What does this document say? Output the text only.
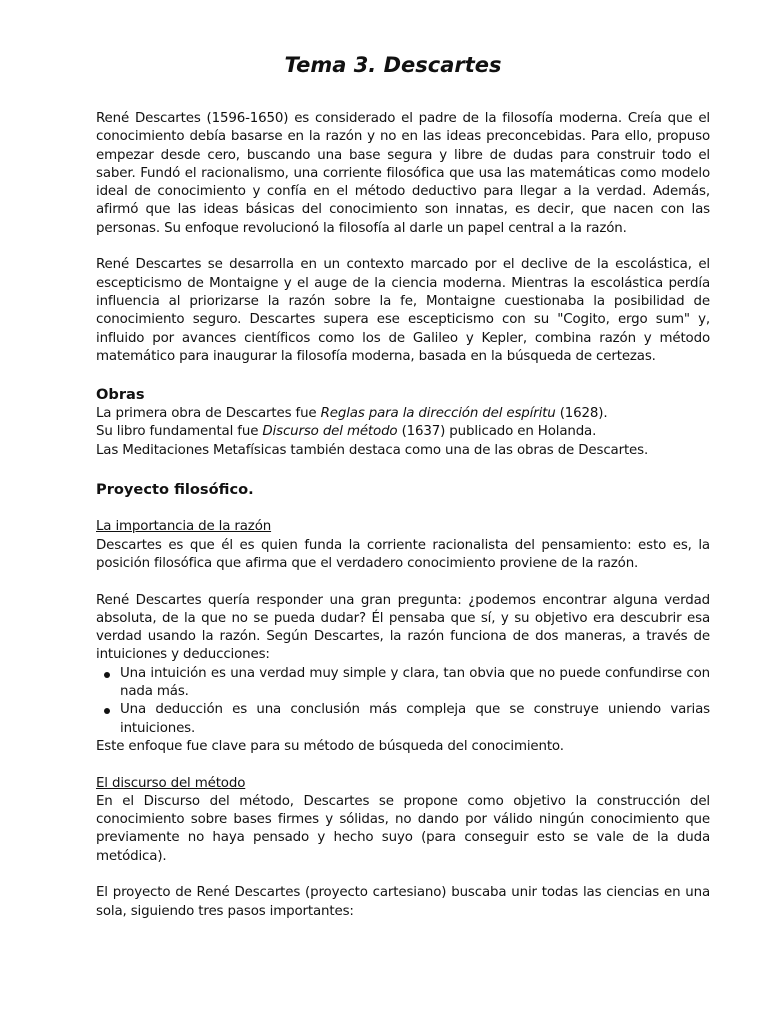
Tema 3. Descartes

René Descartes (1596-1650) es considerado el padre de la filosofía moderna. Creía que el conocimiento debía basarse en la razón y no en las ideas preconcebidas. Para ello, propuso empezar desde cero, buscando una base segura y libre de dudas para construir todo el saber. Fundó el racionalismo, una corriente filosófica que usa las matemáticas como modelo ideal de conocimiento y confía en el método deductivo para llegar a la verdad. Además, afirmó que las ideas básicas del conocimiento son innatas, es decir, que nacen con las personas. Su enfoque revolucionó la filosofía al darle un papel central a la razón.

René Descartes se desarrolla en un contexto marcado por el declive de la escolástica, el escepticismo de Montaigne y el auge de la ciencia moderna. Mientras la escolástica perdía influencia al priorizarse la razón sobre la fe, Montaigne cuestionaba la posibilidad de conocimiento seguro. Descartes supera ese escepticismo con su "Cogito, ergo sum" y, influido por avances científicos como los de Galileo y Kepler, combina razón y método matemático para inaugurar la filosofía moderna, basada en la búsqueda de certezas.

Obras
La primera obra de Descartes fue Reglas para la dirección del espíritu (1628).
Su libro fundamental fue Discurso del método (1637) publicado en Holanda.
Las Meditaciones Metafísicas también destaca como una de las obras de Descartes.
Proyecto filosófico.
La importancia de la razón

Descartes es que él es quien funda la corriente racionalista del pensamiento: esto es, la posición filosófica que afirma que el verdadero conocimiento proviene de la razón.

René Descartes quería responder una gran pregunta: ¿podemos encontrar alguna verdad absoluta, de la que no se pueda dudar? Él pensaba que sí, y su objetivo era descubrir esa verdad usando la razón. Según Descartes, la razón funciona de dos maneras, a través de intuiciones y deducciones:

Una intuición es una verdad muy simple y clara, tan obvia que no puede confundirse con nada más.
Una deducción es una conclusión más compleja que se construye uniendo varias intuiciones.

Este enfoque fue clave para su método de búsqueda del conocimiento.

El discurso del método

En el Discurso del método, Descartes se propone como objetivo la construcción del conocimiento sobre bases firmes y sólidas, no dando por válido ningún conocimiento que previamente no haya pensado y hecho suyo (para conseguir esto se vale de la duda metódica).

El proyecto de René Descartes (proyecto cartesiano) buscaba unir todas las ciencias en una sola, siguiendo tres pasos importantes:
